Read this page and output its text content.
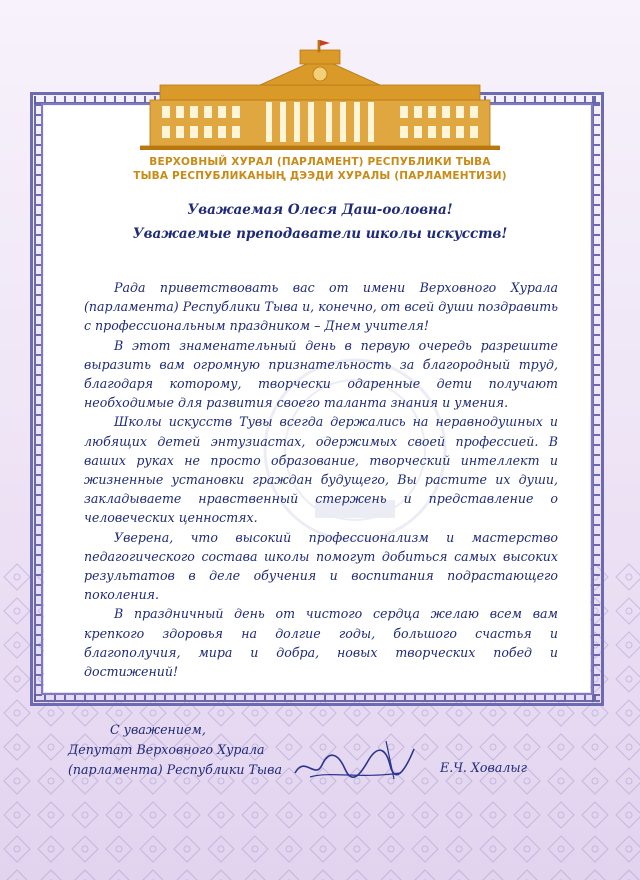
ВЕРХОВНЫЙ ХУРАЛ (ПАРЛАМЕНТ) РЕСПУБЛИКИ ТЫВА
ТЫВА РЕСПУБЛИКАНЫҢ ДЭЭДИ ХУРАЛЫ (ПАРЛАМЕНТИЗИ)
Уважаемая Олеся Даш-ооловна!
Уважаемые преподаватели школы искусств!

Рада приветствовать вас от имени Верховного Хурала (парламента) Республики Тыва и, конечно, от всей души поздравить с профессиональным праздником – Днем учителя!

В этот знаменательный день в первую очередь разрешите выразить вам огромную признательность за благородный труд, благодаря которому, творчески одаренные дети получают необходимые для развития своего таланта знания и умения.

Школы искусств Тувы всегда держались на неравнодушных и любящих детей энтузиастах, одержимых своей профессией. В ваших руках не просто образование, творческий интеллект и жизненные установки граждан будущего, Вы растите их души, закладываете нравственный стержень и представление о человеческих ценностях.

Уверена, что высокий профессионализм и мастерство педагогического состава школы помогут добиться самых высоких результатов в деле обучения и воспитания подрастающего поколения.

В праздничный день от чистого сердца желаю всем вам крепкого здоровья на долгие годы, большого счастья и благополучия, мира и добра, новых творческих побед и достижений!

С уважением,
Депутат Верховного Хурала
(парламента) Республики Тыва	Е.Ч. Ховалыг
